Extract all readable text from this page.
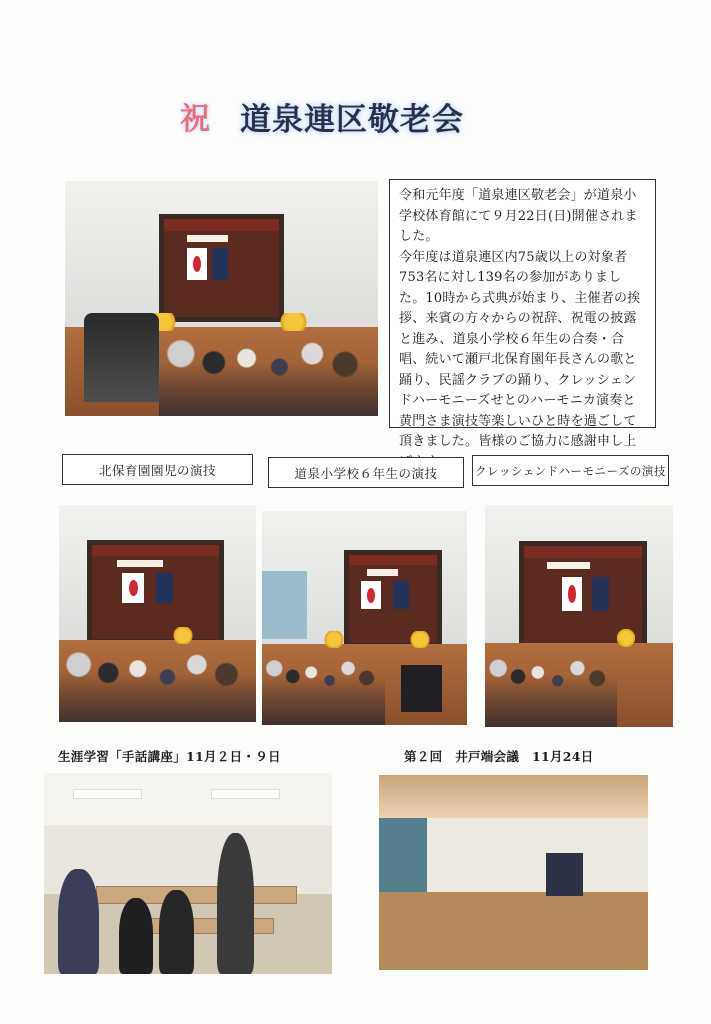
祝 道泉連区敬老会

令和元年度「道泉連区敬老会」が道泉小学校体育館にて９月22日(日)開催されました。

今年度は道泉連区内75歳以上の対象者753名に対し139名の参加がありました。10時から式典が始まり、主催者の挨拶、来賓の方々からの祝辞、祝電の披露と進み、道泉小学校６年生の合奏・合唱、続いて瀬戸北保育園年長さんの歌と踊り、民謡クラブの踊り、クレッシェンドハーモニーズせとのハーモニカ演奏と黄門さま演技等楽しいひと時を過ごして頂きました。皆様のご協力に感謝申し上

北保育園園児の演技	道泉小学校６年生の演技	クレッシェンドハーモニーズの演技
生涯学習「手話講座」11月２日・９日	第２回　井戸端会議　11月24日
